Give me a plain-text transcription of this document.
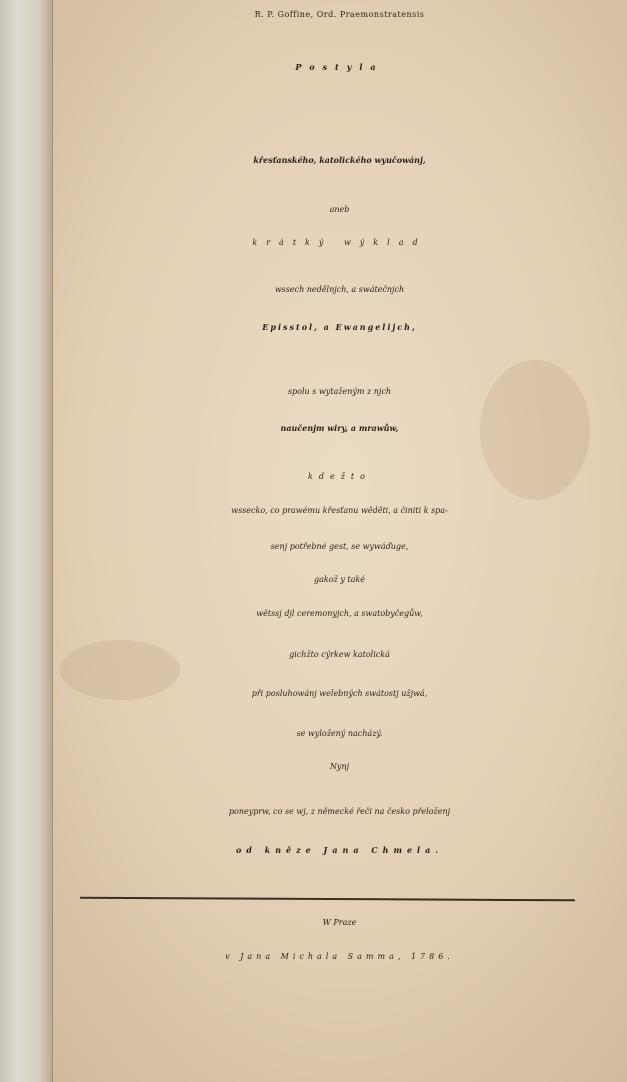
R. P. Goffine, Ord. Praemonstratensis
Postyla
křesťanského, katolického wyučowánj,
aneb
krátký wýklad
wssech nedělnjch, a swátečnjch
Episstol, a Ewangelijch,
spolu s wytaženým z njch
naučenjm wiry, a mrawůw,
kdežto
wssecko, co prawému křesťanu wěděti, a činiti k spa-
senj potřebné gest, se wywáďuge,
gakož y také
wětssj djl ceremonyjch, a swatobyčegůw,
gichžto cýrkew katolická
při posluhowánj welebných swátostj užjwá,
se wyložený nacházý.
Nynj
poneyprw, co se wj, z německé řeči na česko přeloženj
od kněze Jana Chmela.
W Praze
v Jana Michala Samma, 1786.
